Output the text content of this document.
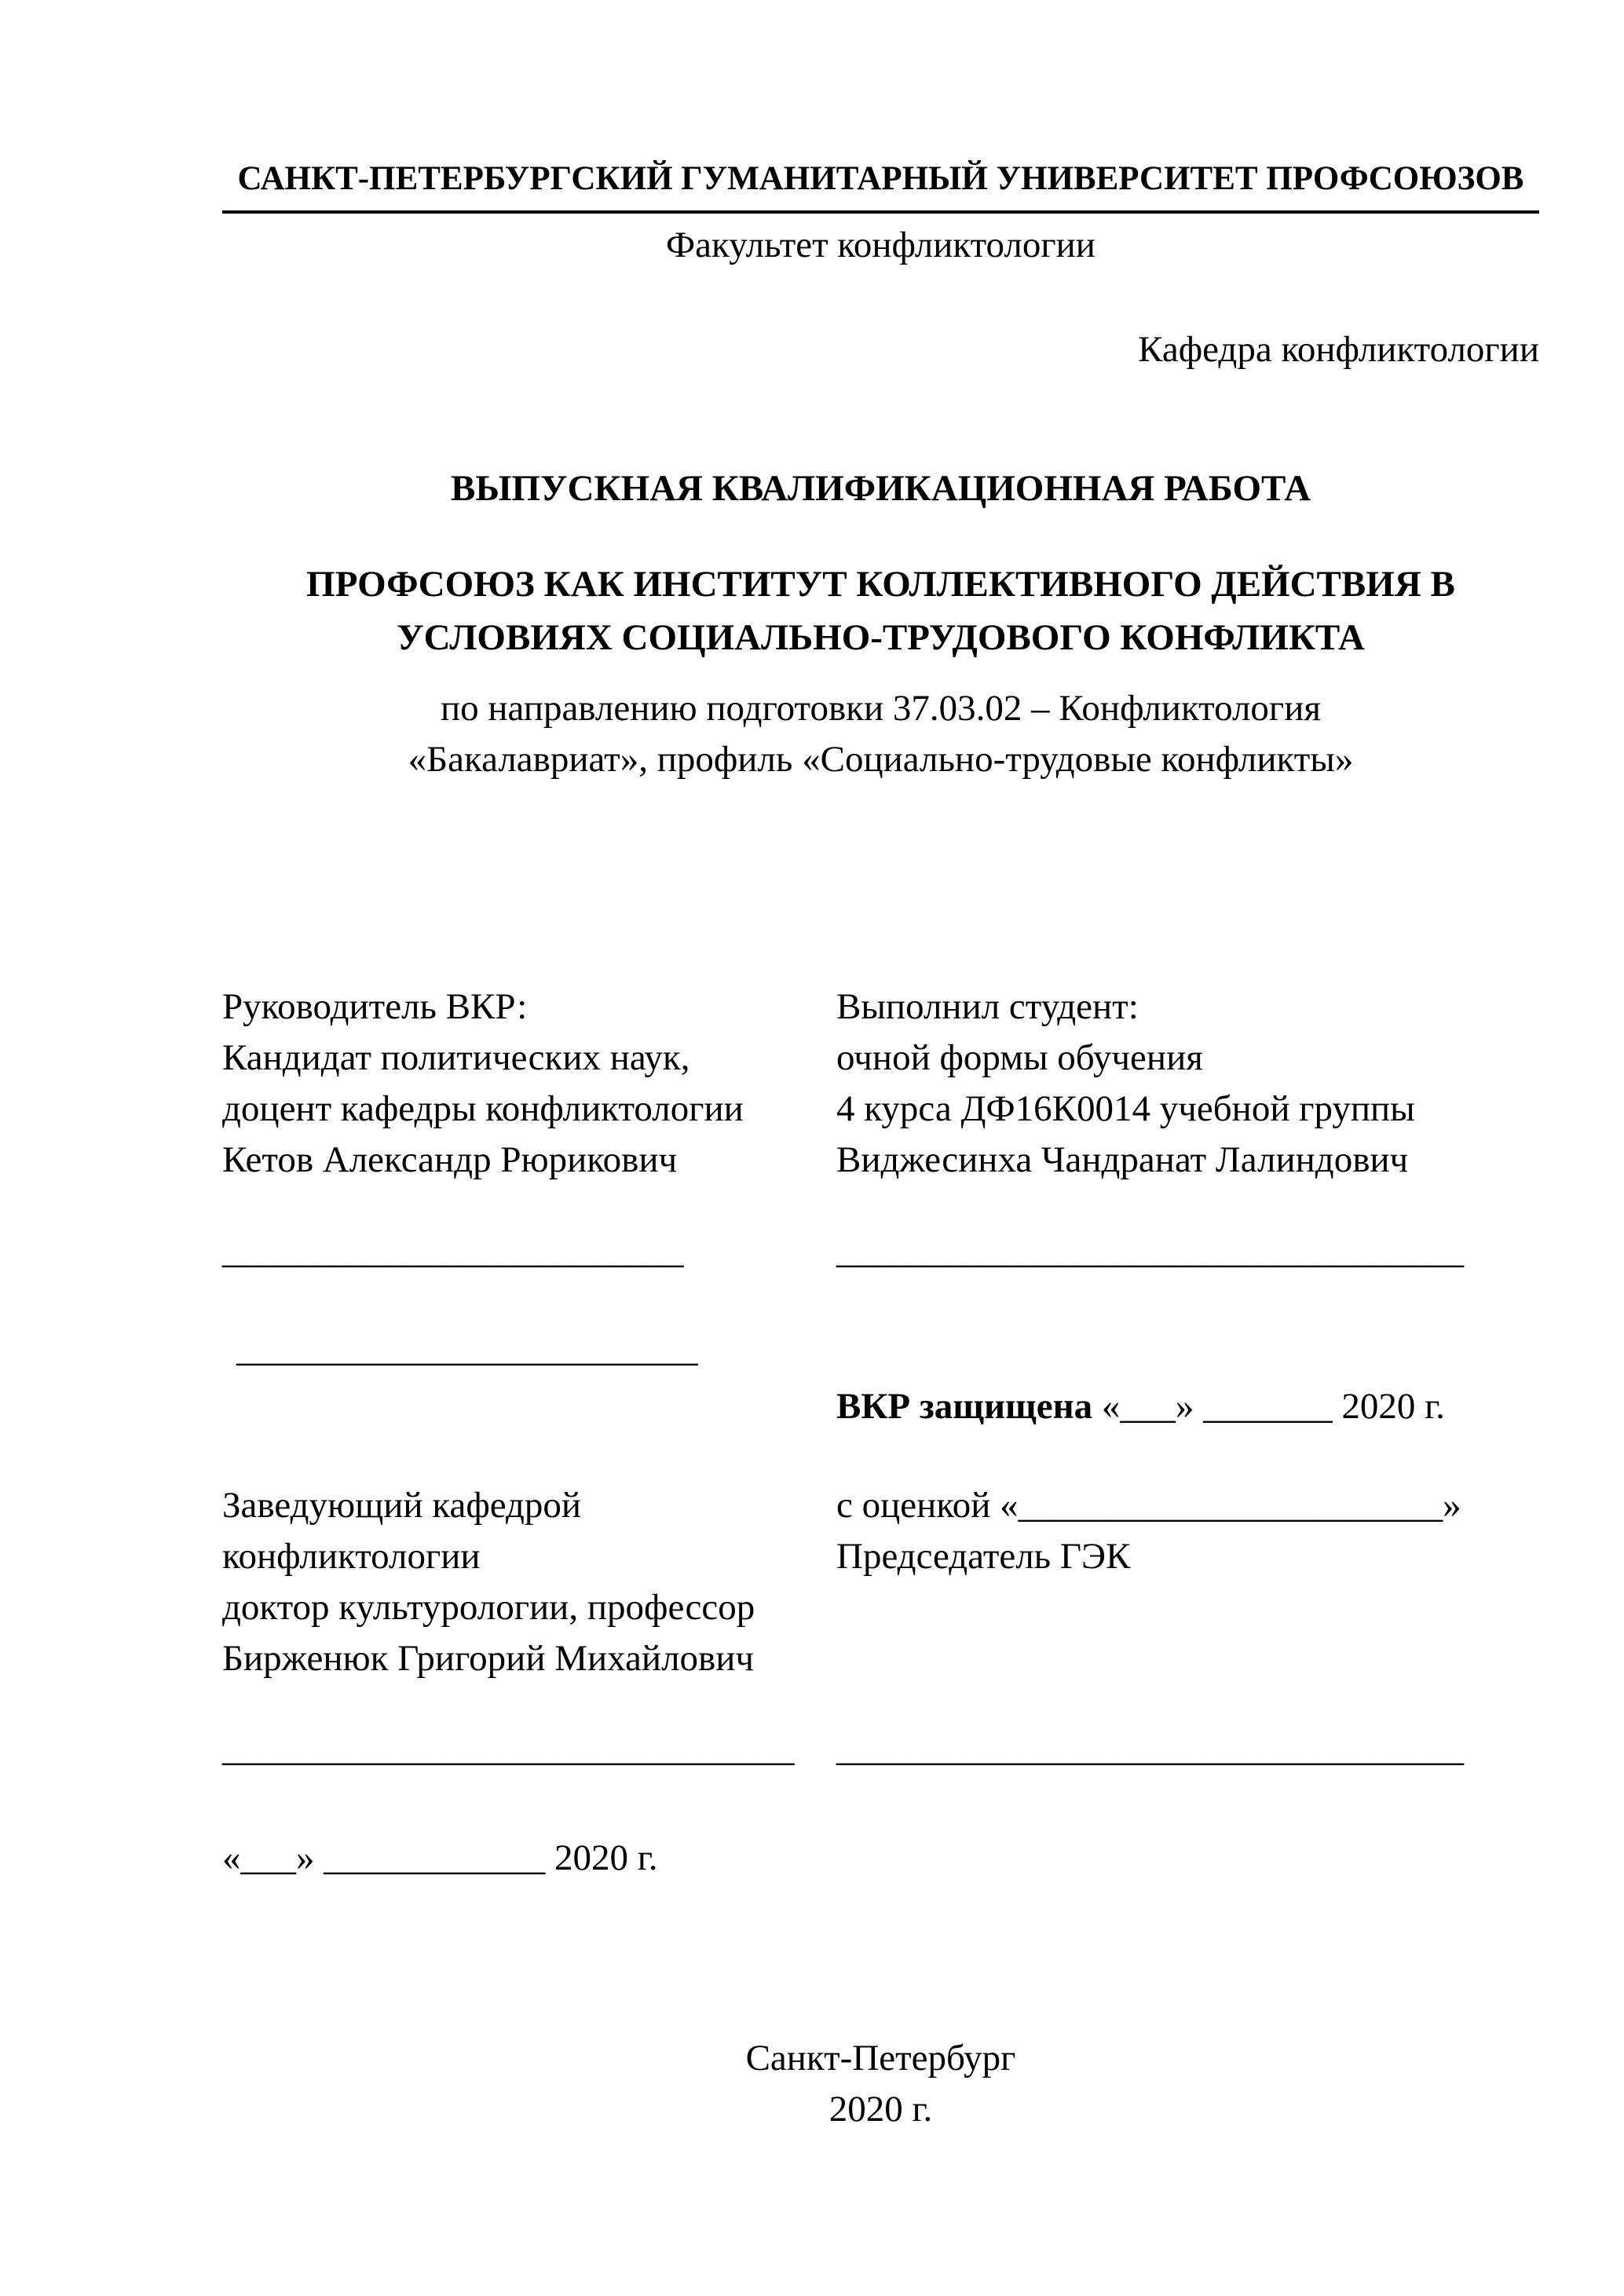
САНКТ-ПЕТЕРБУРГСКИЙ ГУМАНИТАРНЫЙ УНИВЕРСИТЕТ ПРОФСОЮЗОВ
Факультет конфликтологии
Кафедра конфликтологии
ВЫПУСКНАЯ КВАЛИФИКАЦИОННАЯ РАБОТА
ПРОФСОЮЗ КАК ИНСТИТУТ КОЛЛЕКТИВНОГО ДЕЙСТВИЯ В
УСЛОВИЯХ СОЦИАЛЬНО-ТРУДОВОГО КОНФЛИКТА
по направлению подготовки 37.03.02 – Конфликтология
«Бакалавриат», профиль «Социально-трудовые конфликты»
Руководитель ВКР:
Кандидат политических наук,
доцент кафедры конфликтологии
Кетов Александр Рюрикович
_________________________
_________________________
Заведующий кафедрой
конфликтологии
доктор культурологии, профессор
Бирженюк Григорий Михайлович
_______________________________
«___» ____________ 2020 г.
Выполнил студент:
очной формы обучения
4 курса ДФ16К0014 учебной группы
Виджесинха Чандранат Лалиндович
__________________________________
ВКР защищена «___» _______ 2020 г.
с оценкой «_______________________»
Председатель ГЭК
__________________________________
Санкт-Петербург
2020 г.
